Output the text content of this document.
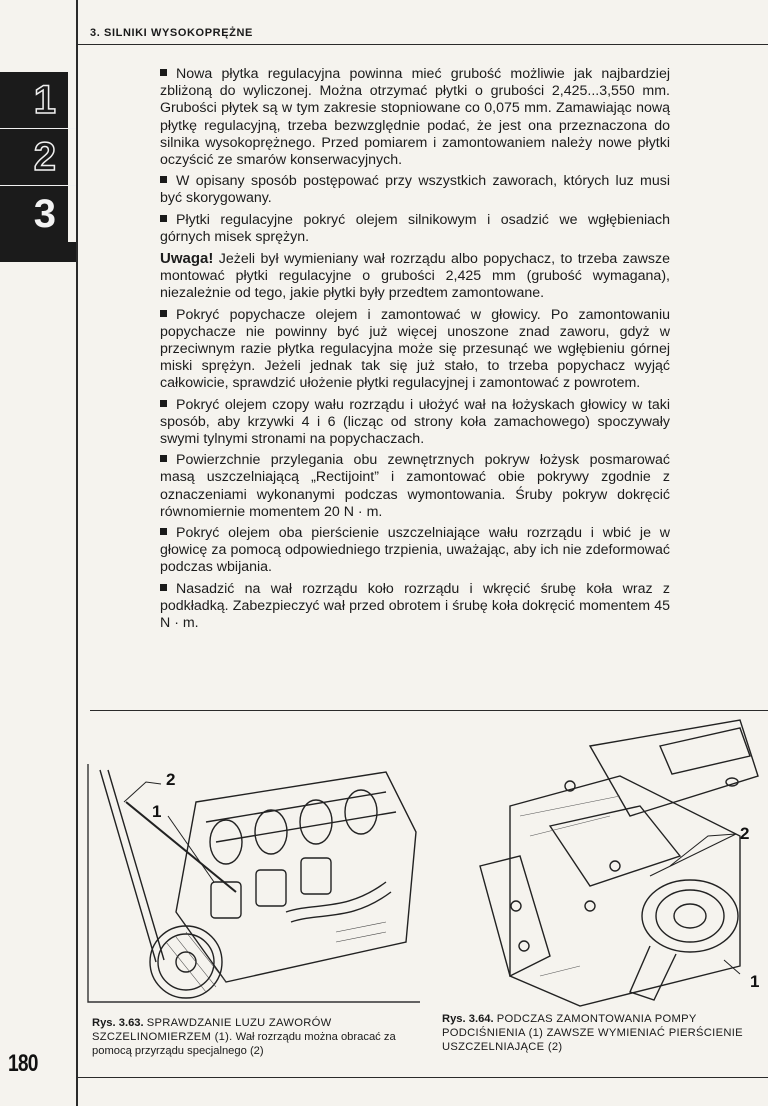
3. SILNIKI WYSOKOPRĘŻNE
1
2
3

Nowa płytka regulacyjna powinna mieć grubość możliwie jak najbardziej zbliżoną do wyliczonej. Można otrzymać płytki o grubości 2,425...3,550 mm. Grubości płytek są w tym zakresie stopniowane co 0,075 mm. Zamawiając nową płytkę regulacyjną, trzeba bezwzględnie podać, że jest ona przeznaczona do silnika wysokoprężnego. Przed pomiarem i zamontowaniem należy nowe płytki oczyścić ze smarów konserwacyjnych.

W opisany sposób postępować przy wszystkich zaworach, których luz musi być skorygowany.

Płytki regulacyjne pokryć olejem silnikowym i osadzić we wgłębieniach górnych misek sprężyn.

Uwaga! Jeżeli był wymieniany wał rozrządu albo popychacz, to trzeba zawsze montować płytki regulacyjne o grubości 2,425 mm (grubość wymagana), niezależnie od tego, jakie płytki były przedtem zamontowane.

Pokryć popychacze olejem i zamontować w głowicy. Po zamontowaniu popychacze nie powinny być już więcej unoszone znad zaworu, gdyż w przeciwnym razie płytka regulacyjna może się przesunąć we wgłębieniu górnej miski sprężyn. Jeżeli jednak tak się już stało, to trzeba popychacz wyjąć całkowicie, sprawdzić ułożenie płytki regulacyjnej i zamontować z powrotem.

Pokryć olejem czopy wału rozrządu i ułożyć wał na łożyskach głowicy w taki sposób, aby krzywki 4 i 6 (licząc od strony koła zamachowego) spoczywały swymi tylnymi stronami na popychaczach.

Powierzchnie przylegania obu zewnętrznych pokryw łożysk posmarować masą uszczelniającą „Rectijoint” i zamontować obie pokrywy zgodnie z oznaczeniami wykonanymi podczas wymontowania. Śruby pokryw dokręcić równomiernie momentem 20 N · m.

Pokryć olejem oba pierścienie uszczelniające wału rozrządu i wbić je w głowicę za pomocą odpowiedniego trzpienia, uważając, aby ich nie zdeformować podczas wbijania.

Nasadzić na wał rozrządu koło rozrządu i wkręcić śrubę koła wraz z podkładką. Zabezpieczyć wał przed obrotem i śrubę koła dokręcić momentem 45 N · m.

2
1
2
1
Rys. 3.63. SPRAWDZANIE LUZU ZAWORÓW SZCZELINOMIERZEM (1). Wał rozrządu można obracać za pomocą przyrządu specjalnego (2)
Rys. 3.64. PODCZAS ZAMONTOWANIA POMPY PODCIŚNIENIA (1) ZAWSZE WYMIENIAĆ PIERŚCIENIE USZCZELNIAJĄCE (2)
180
